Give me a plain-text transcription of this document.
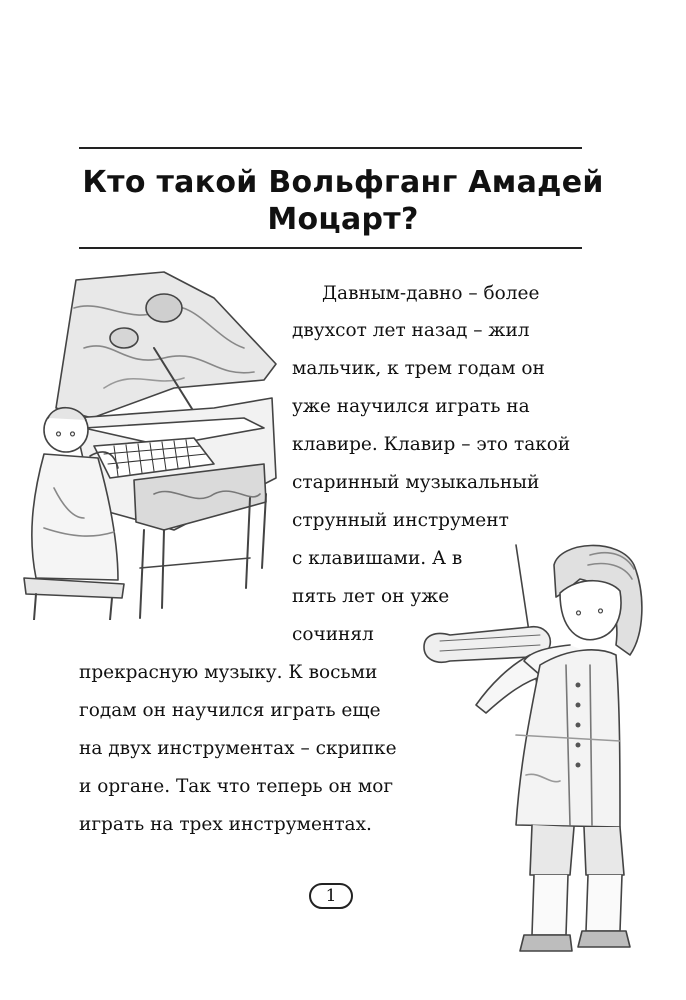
Кто такой Вольфганг Амадей
Моцарт?
Давным-давно – более
двухсот лет назад – жил
мальчик, к трем годам он
уже научился играть на
клавире. Клавир – это такой
старинный музыкальный
струнный инструмент
с клавишами. А в
пять лет он уже
сочинял
прекрасную музыку. К восьми
годам он научился играть еще
на двух инструментах – скрипке
и органе. Так что теперь он мог
играть на трех инструментах.
1
